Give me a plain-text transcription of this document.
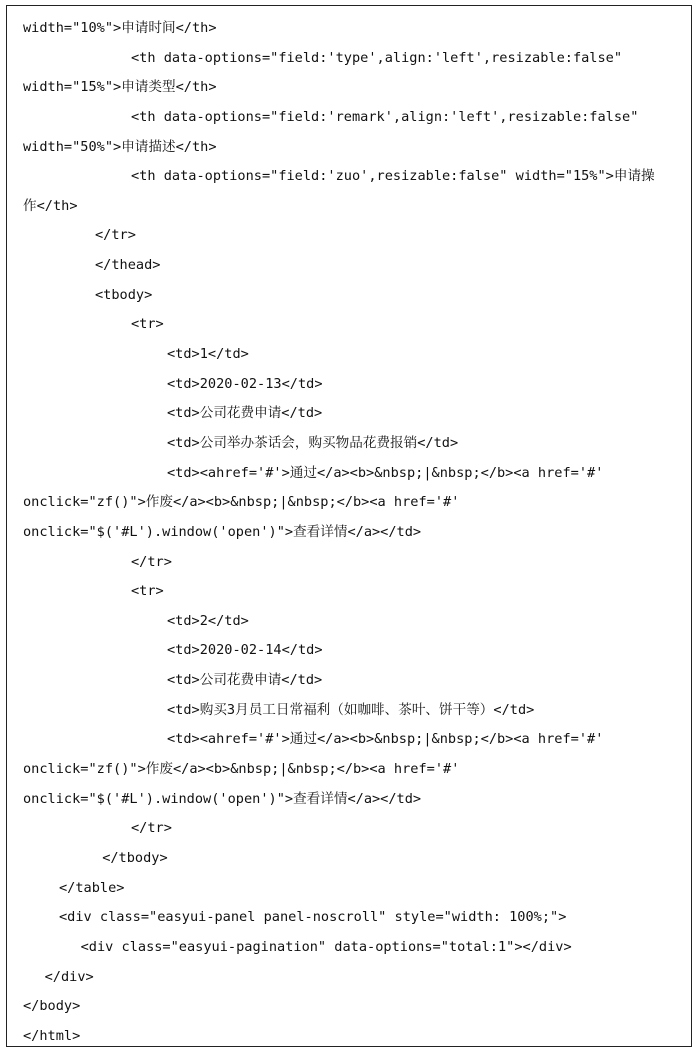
width="10%">申请时间</th>
<th data-options="field:'type',align:'left',resizable:false"
width="15%">申请类型</th>
<th data-options="field:'remark',align:'left',resizable:false"
width="50%">申请描述</th>
<th data-options="field:'zuo',resizable:false" width="15%">申请操
作</th>
</tr>
</thead>
<tbody>
<tr>
<td>1</td>
<td>2020-02-13</td>
<td>公司花费申请</td>
<td>公司举办茶话会，购买物品花费报销</td>
<td><ahref='#'>通过</a><b>&nbsp;|&nbsp;</b><a href='#'
onclick="zf()">作废</a><b>&nbsp;|&nbsp;</b><a href='#'
onclick="$('#L').window('open')">查看详情</a></td>
</tr>
<tr>
<td>2</td>
<td>2020-02-14</td>
<td>公司花费申请</td>
<td>购买3月员工日常福利（如咖啡、茶叶、饼干等）</td>
<td><ahref='#'>通过</a><b>&nbsp;|&nbsp;</b><a href='#'
onclick="zf()">作废</a><b>&nbsp;|&nbsp;</b><a href='#'
onclick="$('#L').window('open')">查看详情</a></td>
</tr>
</tbody>
</table>
<div class="easyui-panel panel-noscroll" style="width: 100%;">
<div class="easyui-pagination" data-options="total:1"></div>
</div>
</body>
</html>
